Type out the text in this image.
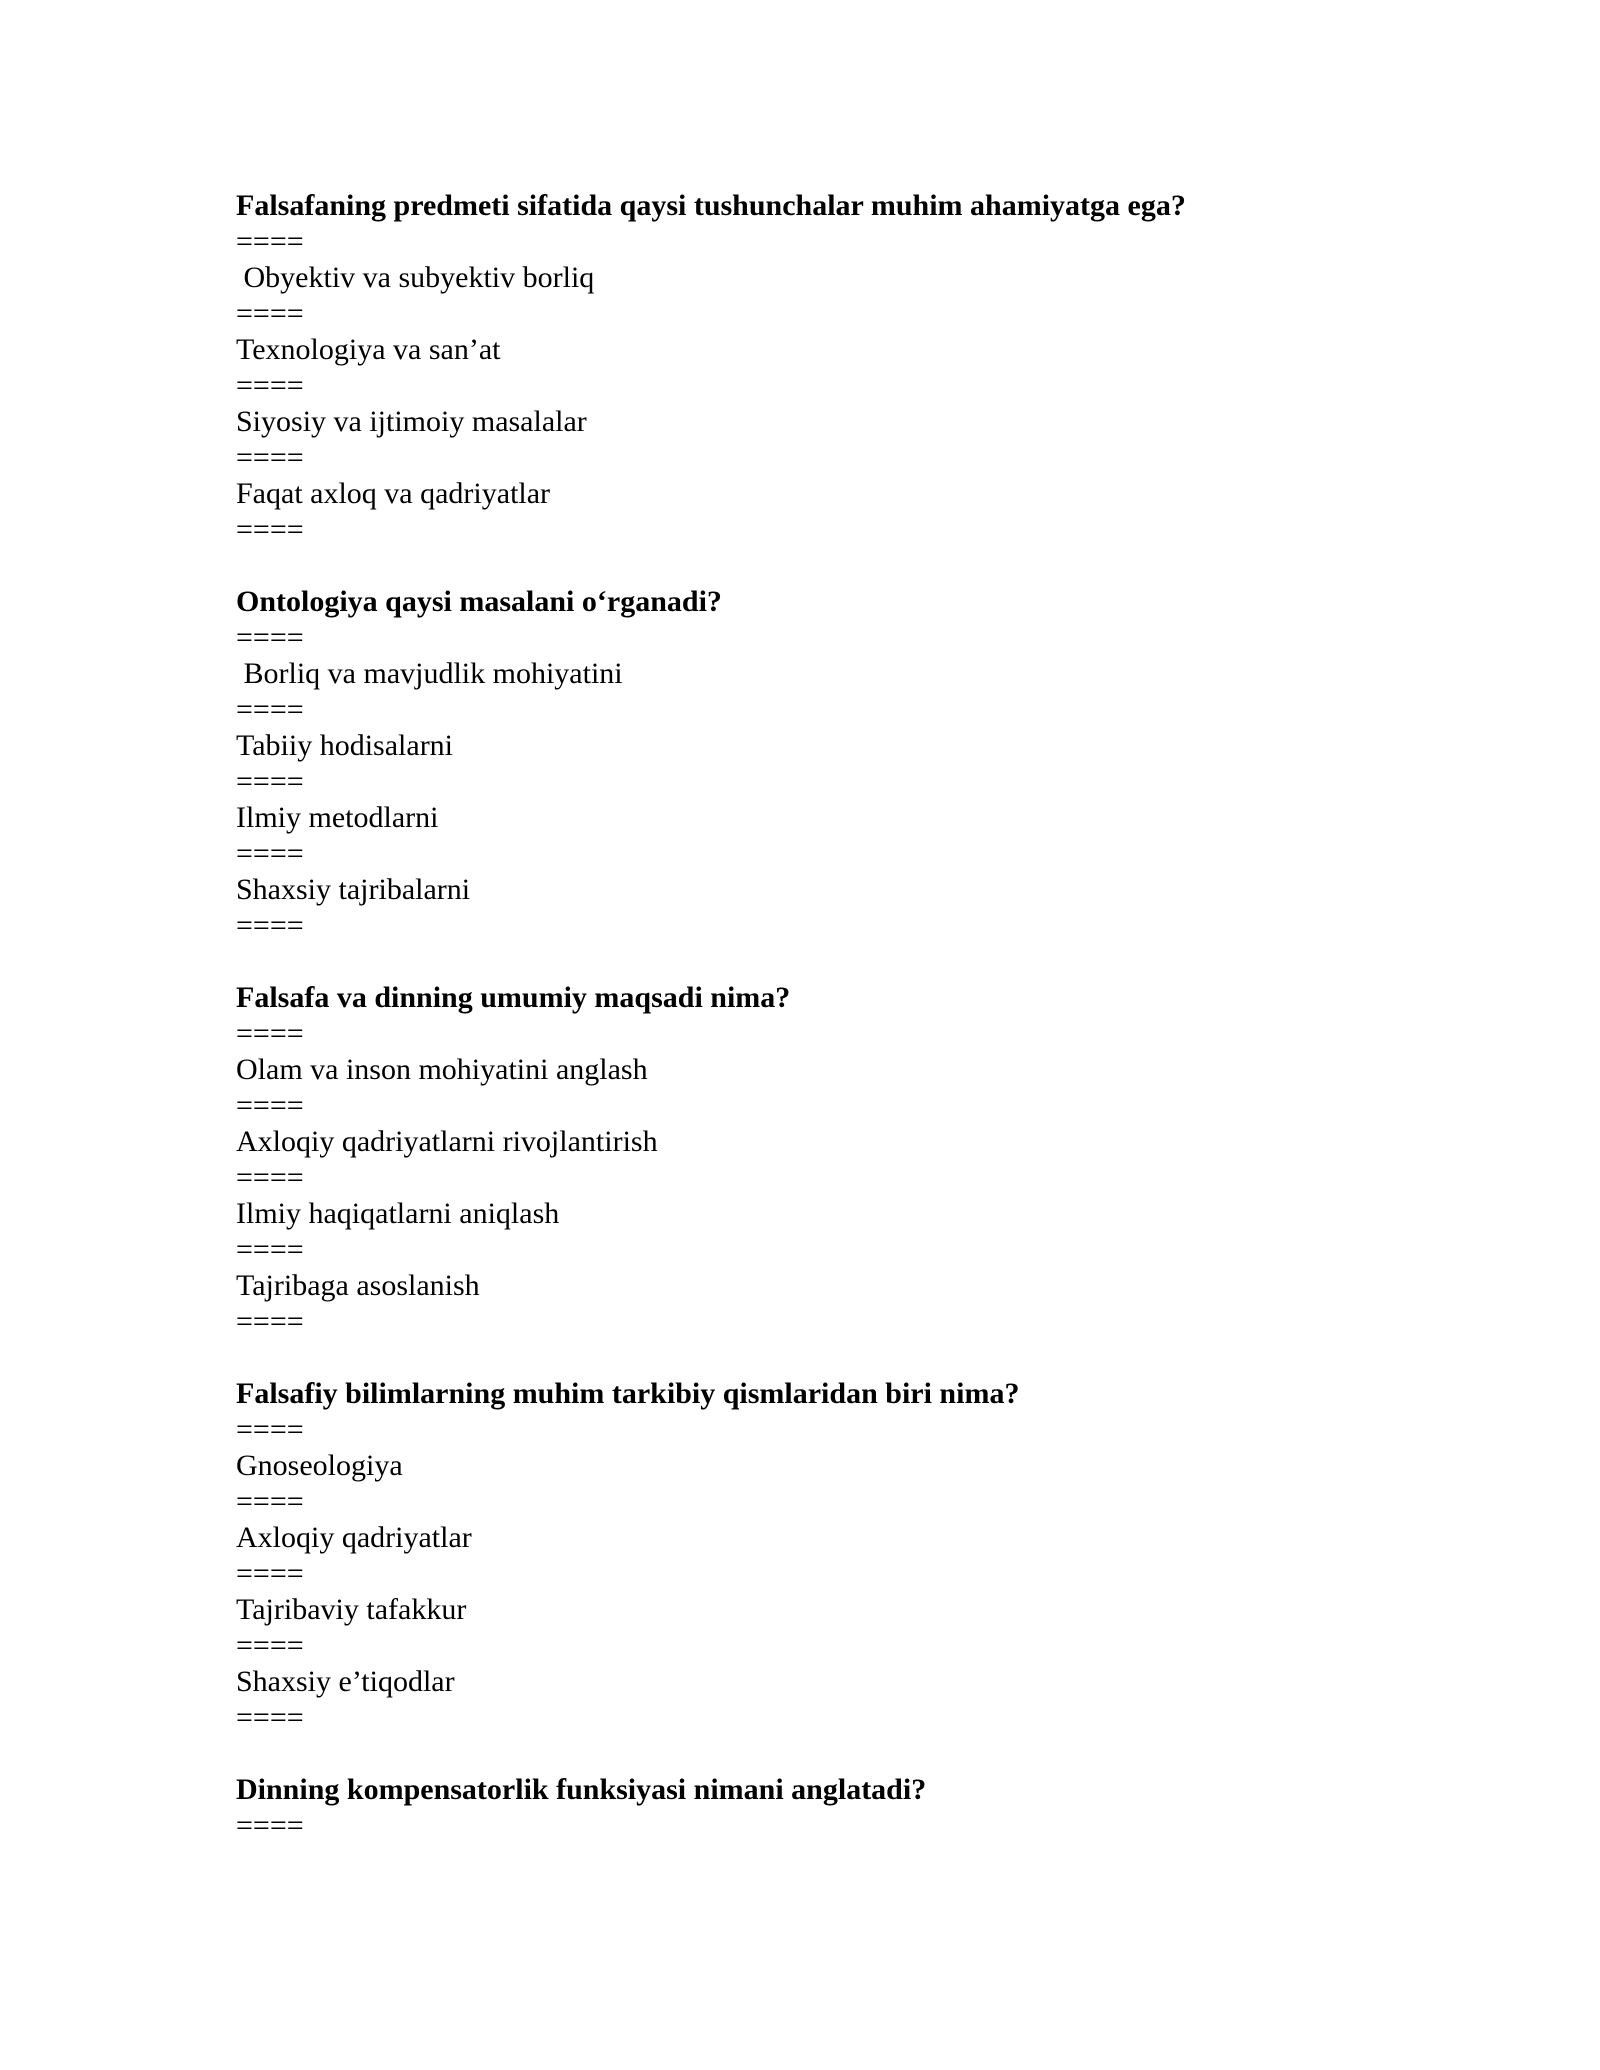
Falsafaning predmeti sifatida qaysi tushunchalar muhim ahamiyatga ega?
====
Obyektiv va subyektiv borliq
====
Texnologiya va san’at
====
Siyosiy va ijtimoiy masalalar
====
Faqat axloq va qadriyatlar
====
Ontologiya qaysi masalani o‘rganadi?
====
Borliq va mavjudlik mohiyatini
====
Tabiiy hodisalarni
====
Ilmiy metodlarni
====
Shaxsiy tajribalarni
====
Falsafa va dinning umumiy maqsadi nima?
====
Olam va inson mohiyatini anglash
====
Axloqiy qadriyatlarni rivojlantirish
====
Ilmiy haqiqatlarni aniqlash
====
Tajribaga asoslanish
====
Falsafiy bilimlarning muhim tarkibiy qismlaridan biri nima?
====
Gnoseologiya
====
Axloqiy qadriyatlar
====
Tajribaviy tafakkur
====
Shaxsiy e’tiqodlar
====
Dinning kompensatorlik funksiyasi nimani anglatadi?
====
